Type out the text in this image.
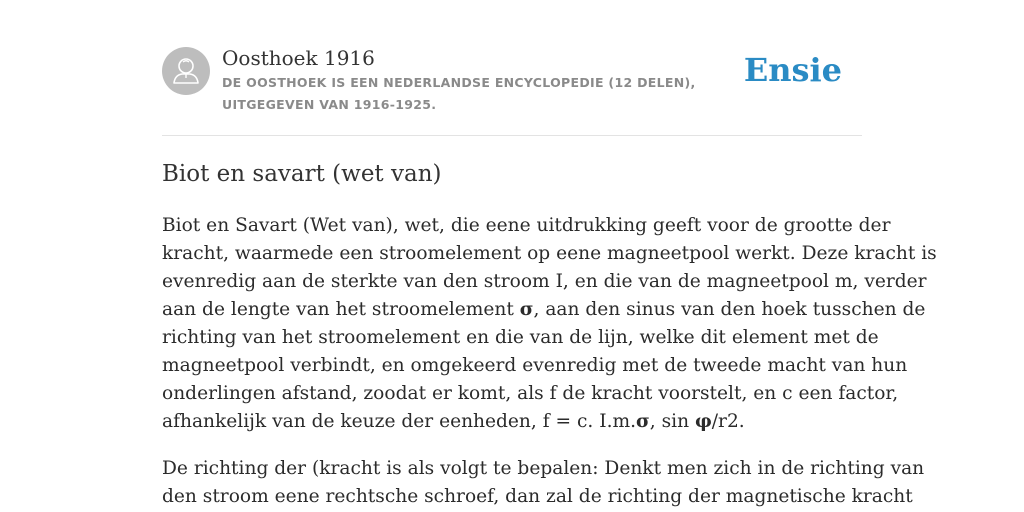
Oosthoek 1916
DE OOSTHOEK IS EEN NEDERLANDSE ENCYCLOPEDIE (12 DELEN), UITGEGEVEN VAN 1916-1925.
Ensie
Biot en savart (wet van)

Biot en Savart (Wet van), wet, die eene uitdrukking geeft voor de grootte der
kracht, waarmede een stroomelement op eene magneetpool werkt. Deze kracht is
evenredig aan de sterkte van den stroom I, en die van de magneetpool m, verder
aan de lengte van het stroomelement σ, aan den sinus van den hoek tusschen de
richting van het stroomelement en die van de lijn, welke dit element met de
magneetpool verbindt, en omgekeerd evenredig met de tweede macht van hun
onderlingen afstand, zoodat er komt, als f de kracht voorstelt, en c een factor,
afhankelijk van de keuze der eenheden, f = c. I.m.σ, sin φ/r2.

De richting der (kracht is als volgt te bepalen: Denkt men zich in de richting van
den stroom eene rechtsche schroef, dan zal de richting der magnetische kracht
